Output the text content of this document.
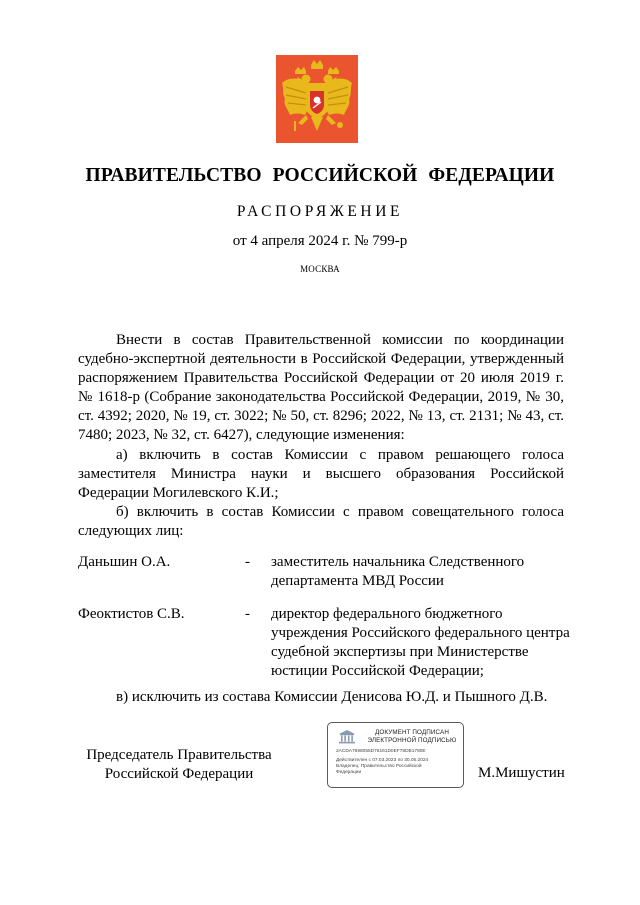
ПРАВИТЕЛЬСТВО РОССИЙСКОЙ ФЕДЕРАЦИИ
РАСПОРЯЖЕНИЕ
от 4 апреля 2024 г. № 799-р
МОСКВА

Внести в состав Правительственной комиссии по координации судебно-экспертной деятельности в Российской Федерации, утвержденный распоряжением Правительства Российской Федерации от 20 июля 2019 г. № 1618-р (Собрание законодательства Российской Федерации, 2019, № 30, ст. 4392; 2020, № 19, ст. 3022; № 50, ст. 8296; 2022, № 13, ст. 2131; № 43, ст. 7480; 2023, № 32, ст. 6427), следующие изменения:

а) включить в состав Комиссии с правом решающего голоса заместителя Министра науки и высшего образования Российской Федерации Могилевского К.И.;

б) включить в состав Комиссии с правом совещательного голоса следующих лиц:

Даньшин О.А.	- заместитель начальника Следственного департамента МВД России
Феоктистов С.В.	- директор федерального бюджетного учреждения Российского федерального центра судебной экспертизы при Министерстве юстиции Российской Федерации;

в) исключить из состава Комиссии Денисова Ю.Д. и Пышного Д.В.

Председатель Правительства
Российской Федерации
ДОКУМЕНТ ПОДПИСАН
ЭЛЕКТРОННОЙ ПОДПИСЬЮ
2ACDA7698055D76161D0EF78DB1780E
Действителен с 07.03.2023 по 30.05.2024
Владелец: Правительство Российской
Федерации	М.Мишустин
